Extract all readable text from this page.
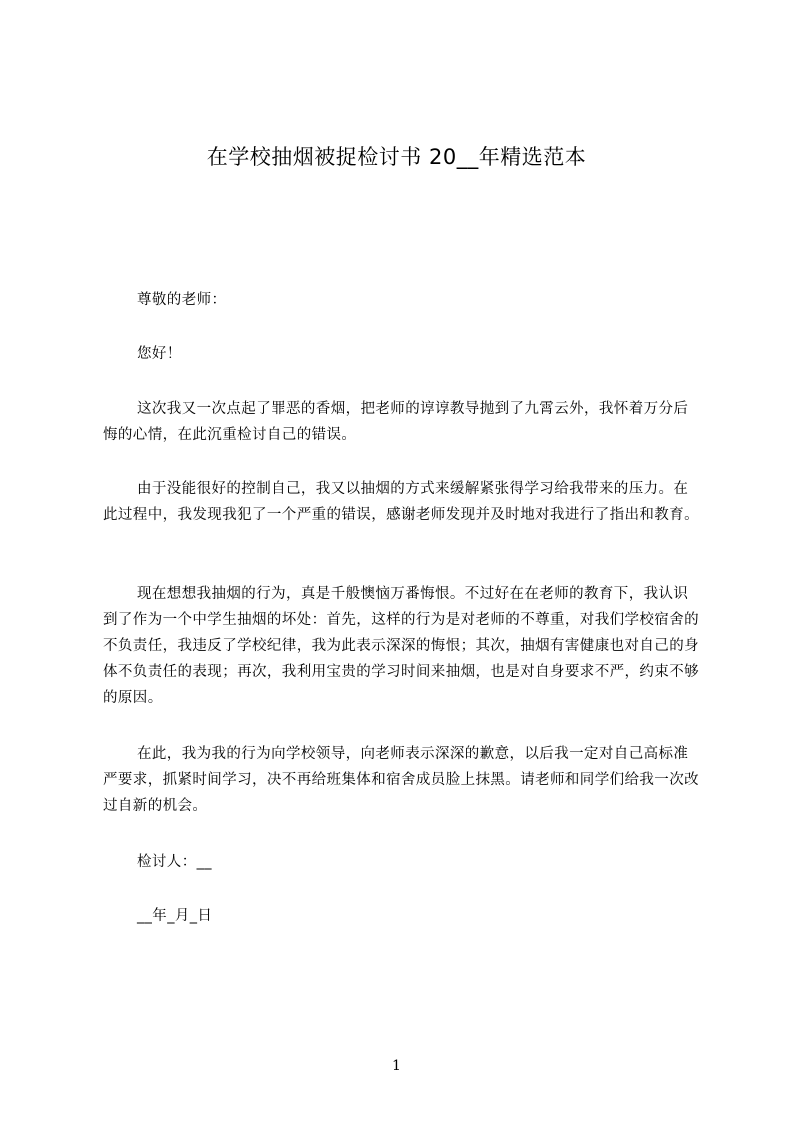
在学校抽烟被捉检讨书 20__年精选范本
尊敬的老师：
您好！
这次我又一次点起了罪恶的香烟，把老师的谆谆教导抛到了九霄云外，我怀着万分后悔的心情，在此沉重检讨自己的错误。
由于没能很好的控制自己，我又以抽烟的方式来缓解紧张得学习给我带来的压力。在此过程中，我发现我犯了一个严重的错误，感谢老师发现并及时地对我进行了指出和教育。
现在想想我抽烟的行为，真是千般懊恼万番悔恨。不过好在在老师的教育下，我认识到了作为一个中学生抽烟的坏处：首先，这样的行为是对老师的不尊重，对我们学校宿舍的不负责任，我违反了学校纪律，我为此表示深深的悔恨；其次，抽烟有害健康也对自己的身体不负责任的表现；再次，我利用宝贵的学习时间来抽烟，也是对自身要求不严，约束不够的原因。
在此，我为我的行为向学校领导，向老师表示深深的歉意，以后我一定对自己高标准严要求，抓紧时间学习，决不再给班集体和宿舍成员脸上抹黑。请老师和同学们给我一次改过自新的机会。
检讨人：__
__年_月_日
1
